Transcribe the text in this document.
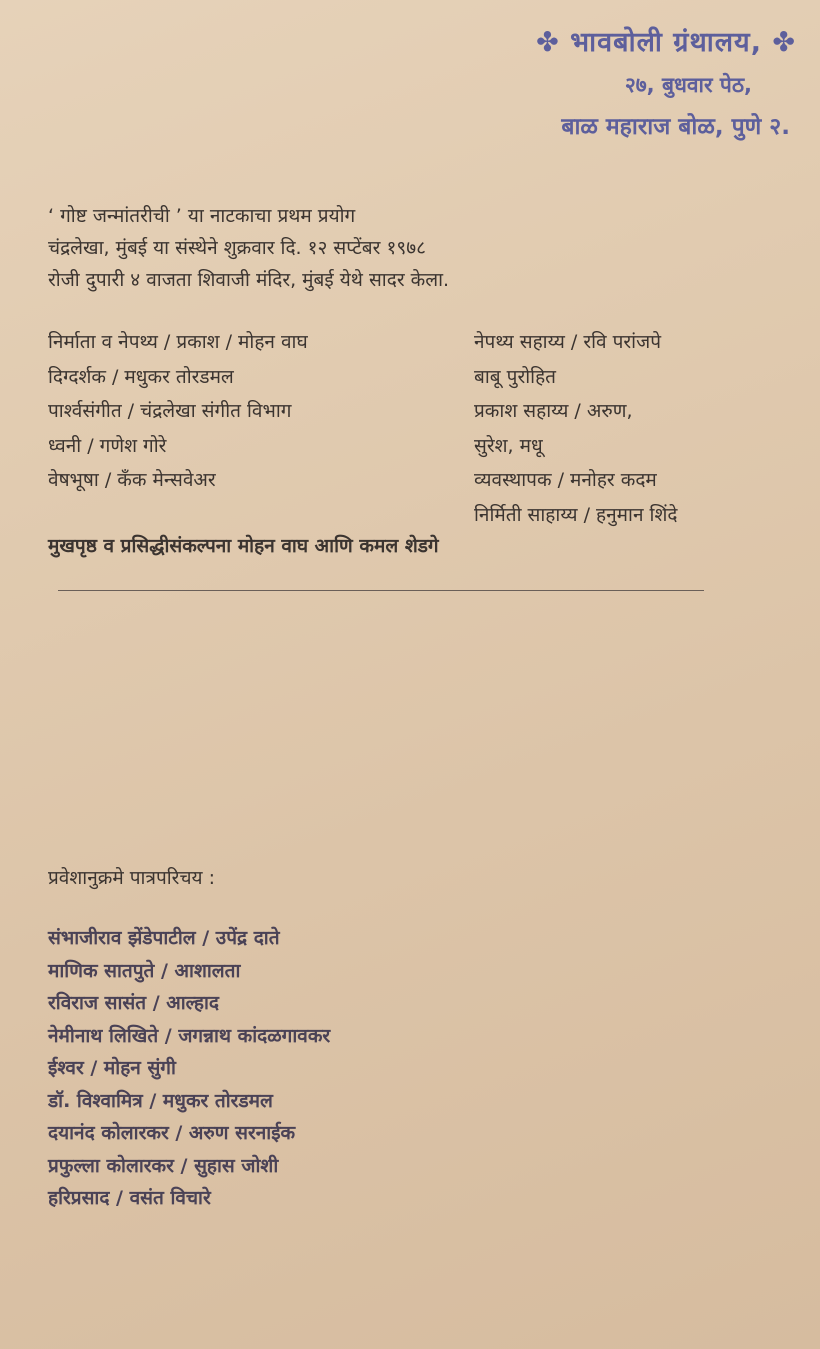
✤ भावबोली ग्रंथालय, ✤
२७, बुधवार पेठ,
बाळ महाराज बोळ, पुणे २.
‘ गोष्ट जन्मांतरीची ’ या नाटकाचा प्रथम प्रयोग
चंद्रलेखा, मुंबई या संस्थेने शुक्रवार दि. १२ सप्टेंबर १९७८
रोजी दुपारी ४ वाजता शिवाजी मंदिर, मुंबई येथे सादर केला.
निर्माता व नेपथ्य / प्रकाश / मोहन वाघ
दिग्दर्शक / मधुकर तोरडमल
पार्श्वसंगीत / चंद्रलेखा संगीत विभाग
ध्वनी / गणेश गोरे
वेषभूषा / कँक मेन्सवेअर
नेपथ्य सहाय्य / रवि परांजपे
बाबू पुरोहित
प्रकाश सहाय्य / अरुण,
सुरेश, मधू
व्यवस्थापक / मनोहर कदम
निर्मिती साहाय्य / हनुमान शिंदे
मुखपृष्ठ व प्रसिद्धीसंकल्पना मोहन वाघ आणि कमल शेडगे
प्रवेशानुक्रमे पात्रपरिचय :
संभाजीराव झेंडेपाटील / उपेंद्र दाते
माणिक सातपुते / आशालता
रविराज सासंत / आल्हाद
नेमीनाथ लिखिते / जगन्नाथ कांदळगावकर
ईश्वर / मोहन सुंगी
डॉ. विश्वामित्र / मधुकर तोरडमल
दयानंद कोलारकर / अरुण सरनाईक
प्रफुल्ला कोलारकर / सुहास जोशी
हरिप्रसाद / वसंत विचारे
